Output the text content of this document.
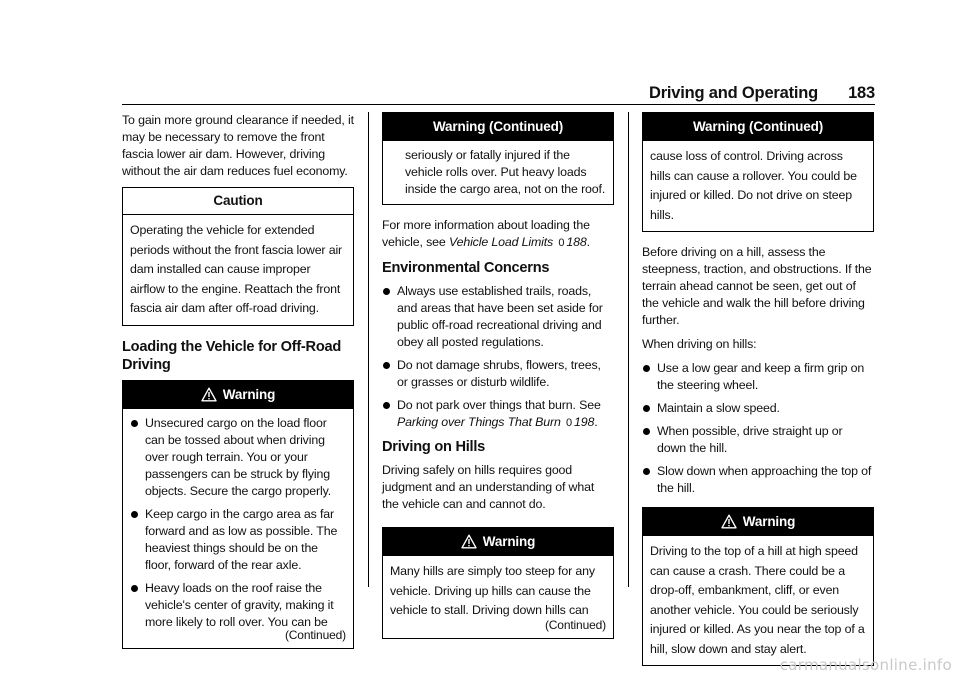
Driving and Operating 183

To gain more ground clearance if needed, it may be necessary to remove the front fascia lower air dam. However, driving without the air dam reduces fuel economy.

Caution
Operating the vehicle for extended periods without the front fascia lower air dam installed can cause improper airflow to the engine. Reattach the front fascia air dam after off-road driving.
Loading the Vehicle for Off-Road Driving
Warning
Unsecured cargo on the load floor can be tossed about when driving over rough terrain. You or your passengers can be struck by flying objects. Secure the cargo properly.
Keep cargo in the cargo area as far forward and as low as possible. The heaviest things should be on the floor, forward of the rear axle.
Heavy loads on the roof raise the vehicle's center of gravity, making it more likely to roll over. You can be
(Continued)
Warning (Continued)
seriously or fatally injured if the vehicle rolls over. Put heavy loads inside the cargo area, not on the roof.

For more information about loading the vehicle, see Vehicle Load Limits 0 188.

Environmental Concerns
Always use established trails, roads, and areas that have been set aside for public off-road recreational driving and obey all posted regulations.
Do not damage shrubs, flowers, trees, or grasses or disturb wildlife.
Do not park over things that burn. See Parking over Things That Burn 0 198.
Driving on Hills

Driving safely on hills requires good judgment and an understanding of what the vehicle can and cannot do.

Warning
Many hills are simply too steep for any vehicle. Driving up hills can cause the vehicle to stall. Driving down hills can
(Continued)
Warning (Continued)
cause loss of control. Driving across hills can cause a rollover. You could be injured or killed. Do not drive on steep hills.

Before driving on a hill, assess the steepness, traction, and obstructions. If the terrain ahead cannot be seen, get out of the vehicle and walk the hill before driving further.

When driving on hills:

Use a low gear and keep a firm grip on the steering wheel.
Maintain a slow speed.
When possible, drive straight up or down the hill.
Slow down when approaching the top of the hill.
Warning
Driving to the top of a hill at high speed can cause a crash. There could be a drop-off, embankment, cliff, or even another vehicle. You could be seriously injured or killed. As you near the top of a hill, slow down and stay alert.
carmanualsonline.info
